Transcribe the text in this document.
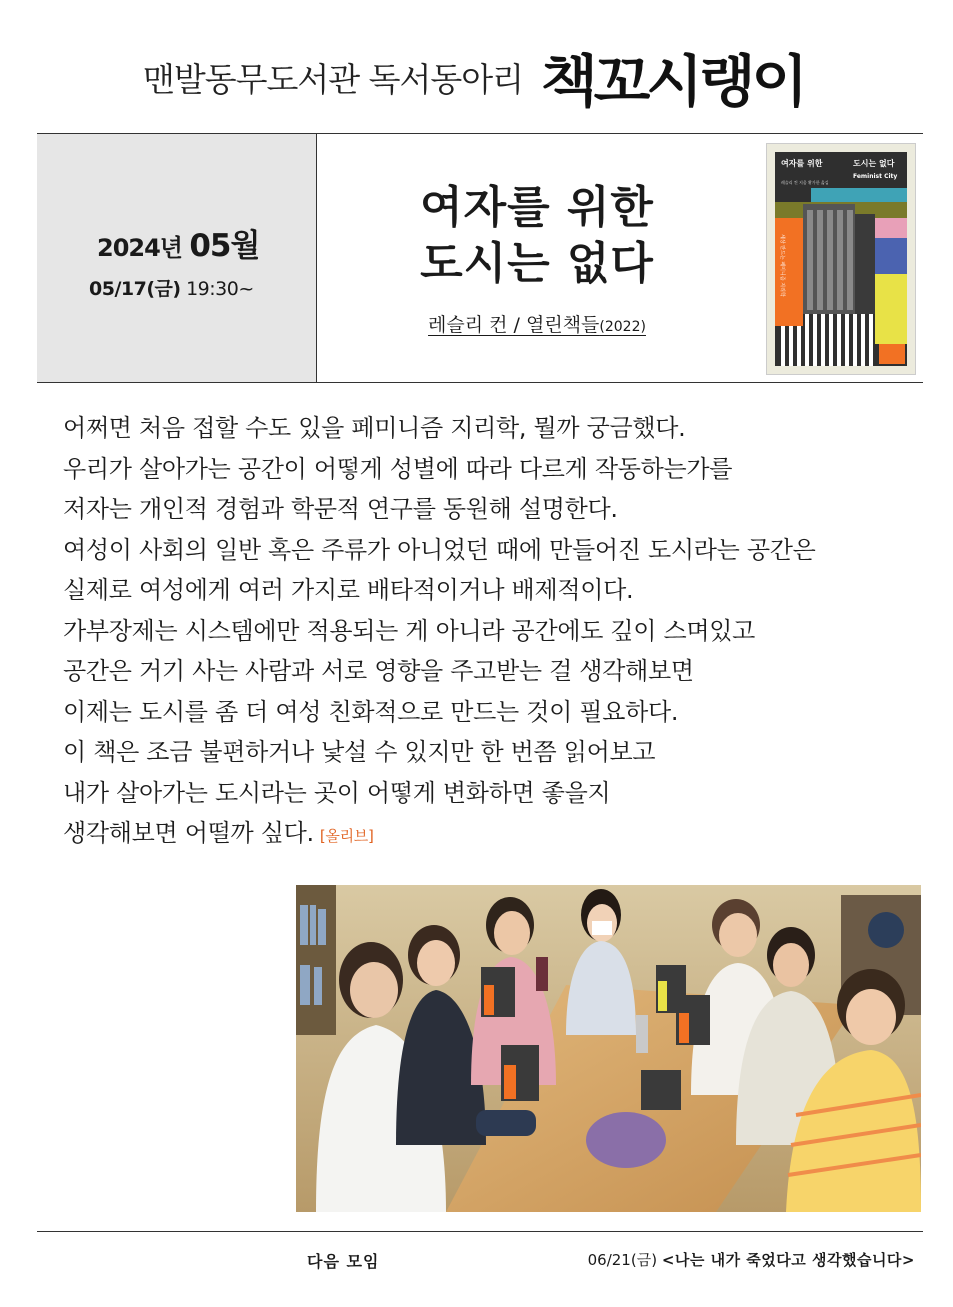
맨발동무도서관 독서동아리 책꼬시랭이
2024년 05월
05/17(금) 19:30~
여자를 위한
도시는 없다
레슬리 컨 / 열린책들(2022)
여자를 위한	도시는 없다
Feminist City
레슬리 컨 지음 황가한 옮김
세상 만드는 페미니즘 지리학
어쩌면 처음 접할 수도 있을 페미니즘 지리학, 뭘까 궁금했다.
우리가 살아가는 공간이 어떻게 성별에 따라 다르게 작동하는가를
저자는 개인적 경험과 학문적 연구를 동원해 설명한다.
여성이 사회의 일반 혹은 주류가 아니었던 때에 만들어진 도시라는 공간은
실제로 여성에게 여러 가지로 배타적이거나 배제적이다.
가부장제는 시스템에만 적용되는 게 아니라 공간에도 깊이 스며있고
공간은 거기 사는 사람과 서로 영향을 주고받는 걸 생각해보면
이제는 도시를 좀 더 여성 친화적으로 만드는 것이 필요하다.
이 책은 조금 불편하거나 낯설 수 있지만 한 번쯤 읽어보고
내가 살아가는 도시라는 곳이 어떻게 변화하면 좋을지
생각해보면 어떨까 싶다. [올리브]
다음 모임	06/21(금) <나는 내가 죽었다고 생각했습니다>
